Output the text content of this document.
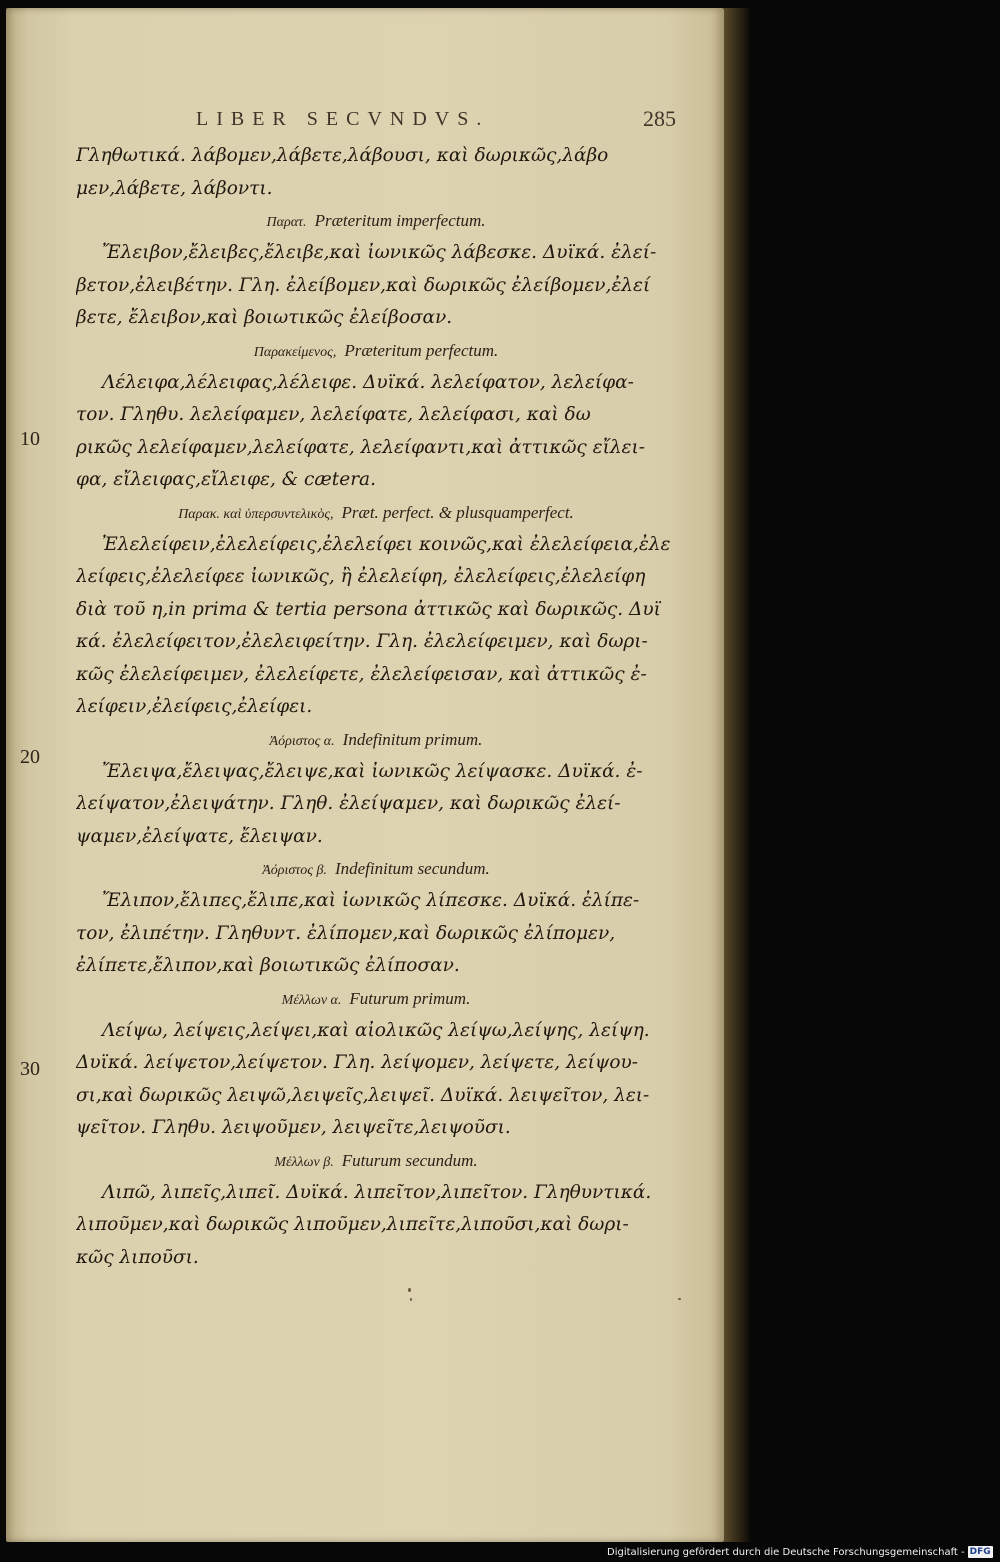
LIBER SECVNDVS.	285
10
20
30
Γληθωτικά. λάβομεν,λάβετε,λάβουσι, καὶ δωρικῶς,λάβο
μεν,λάβετε, λάβοντι.
Παρατ. Præteritum imperfectum.
Ἔλειβον,ἔλειβες,ἔλειβε,καὶ ἰωνικῶς λάβεσκε. Δυϊκά. ἐλεί-
βετον,ἐλειβέτην. Γλη. ἐλείβομεν,καὶ δωρικῶς ἐλείβομεν,ἐλεί
βετε, ἔλειβον,καὶ βοιωτικῶς ἐλείβοσαν.
Παρακείμενος, Præteritum perfectum.
Λέλειφα,λέλειφας,λέλειφε. Δυϊκά. λελείφατον, λελείφα-
τον. Γληθυ. λελείφαμεν, λελείφατε, λελείφασι, καὶ δω
ρικῶς λελείφαμεν,λελείφατε, λελείφαντι,καὶ ἀττικῶς εἴλει-
φα, εἴλειφας,εἴλειφε, & cætera.
Παρακ. καὶ ὑπερσυντελικὸς, Præt. perfect. & plusquamperfect.
Ἐλελείφειν,ἐλελείφεις,ἐλελείφει κοινῶς,καὶ ἐλελείφεια,ἐλε
λείφεις,ἐλελείφεε ἰωνικῶς, ἢ ἐλελείφη, ἐλελείφεις,ἐλελείφη
διὰ τοῦ η,in prima & tertia persona ἀττικῶς καὶ δωρικῶς. Δυϊ
κά. ἐλελείφειτον,ἐλελειφείτην. Γλη. ἐλελείφειμεν, καὶ δωρι-
κῶς ἐλελείφειμεν, ἐλελείφετε, ἐλελείφεισαν, καὶ ἀττικῶς ἐ-
λείφειν,ἐλείφεις,ἐλείφει.
Ἀόριστος α. Indefinitum primum.
Ἔλειψα,ἔλειψας,ἔλειψε,καὶ ἰωνικῶς λείψασκε. Δυϊκά. ἐ-
λείψατον,ἐλειψάτην. Γληθ. ἐλείψαμεν, καὶ δωρικῶς ἐλεί-
ψαμεν,ἐλείψατε, ἔλειψαν.
Ἀόριστος β. Indefinitum secundum.
Ἔλιπον,ἔλιπες,ἔλιπε,καὶ ἰωνικῶς λίπεσκε. Δυϊκά. ἐλίπε-
τον, ἐλιπέτην. Γληθυντ. ἐλίπομεν,καὶ δωρικῶς ἐλίπομεν,
ἐλίπετε,ἔλιπον,καὶ βοιωτικῶς ἐλίποσαν.
Μέλλων α. Futurum primum.
Λείψω, λείψεις,λείψει,καὶ αἰολικῶς λείψω,λείψης, λείψη.
Δυϊκά. λείψετον,λείψετον. Γλη. λείψομεν, λείψετε, λείψου-
σι,καὶ δωρικῶς λειψῶ,λειψεῖς,λειψεῖ. Δυϊκά. λειψεῖτον, λει-
ψεῖτον. Γληθυ. λειψοῦμεν, λειψεῖτε,λειψοῦσι.
Μέλλων β. Futurum secundum.
Λιπῶ, λιπεῖς,λιπεῖ. Δυϊκά. λιπεῖτον,λιπεῖτον. Γληθυντικά.
λιποῦμεν,καὶ δωρικῶς λιποῦμεν,λιπεῖτε,λιποῦσι,καὶ δωρι-
κῶς λιποῦσι.
Digitalisierung gefördert durch die Deutsche Forschungsgemeinschaft - DFG
